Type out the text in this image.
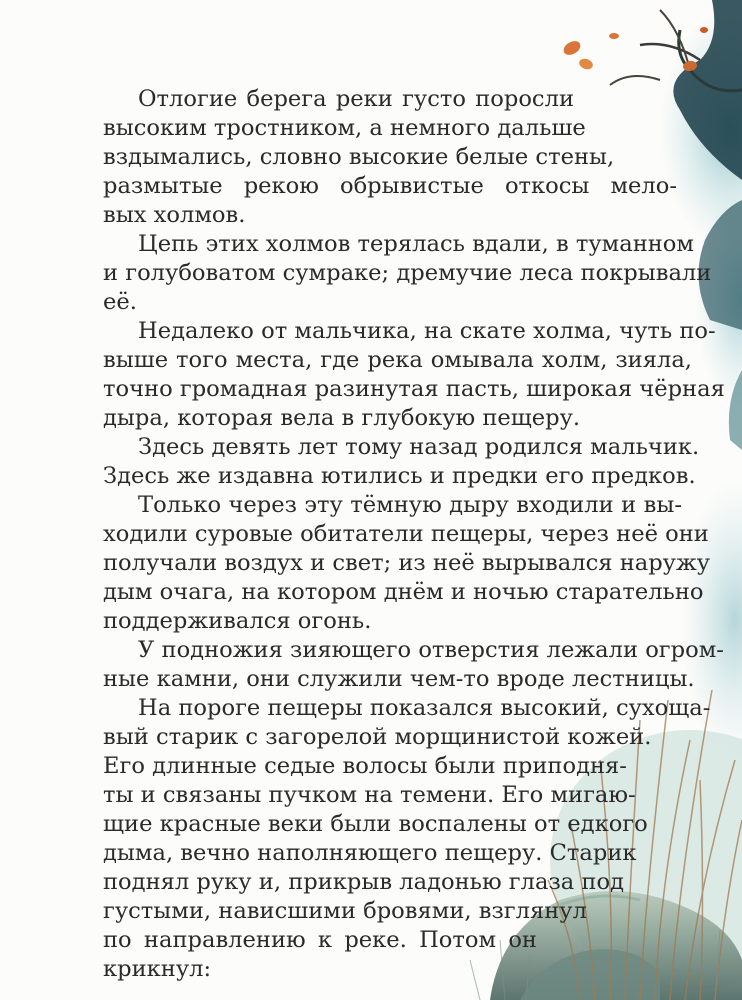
Отлогие берега реки густо поросли
высоким тростником, а немного дальше
вздымались, словно высокие белые стены,
размытые рекою обрывистые откосы мело-
вых холмов.
Цепь этих холмов терялась вдали, в туманном
и голубоватом сумраке; дремучие леса покрывали
её.
Недалеко от мальчика, на скате холма, чуть по-
выше того места, где река омывала холм, зияла,
точно громадная разинутая пасть, широкая чёрная
дыра, которая вела в глубокую пещеру.
Здесь девять лет тому назад родился мальчик.
Здесь же издавна ютились и предки его предков.
Только через эту тёмную дыру входили и вы-
ходили суровые обитатели пещеры, через неё они
получали воздух и свет; из неё вырывался наружу
дым очага, на котором днём и ночью старательно
поддерживался огонь.
У подножия зияющего отверстия лежали огром-
ные камни, они служили чем-то вроде лестницы.
На пороге пещеры показался высокий, сухоща-
вый старик с загорелой морщинистой кожей.
Его длинные седые волосы были приподня-
ты и связаны пучком на темени. Его мигаю-
щие красные веки были воспалены от едкого
дыма, вечно наполняющего пещеру. Старик
поднял руку и, прикрыв ладонью глаза под
густыми, нависшими бровями, взглянул
по направлению к реке. Потом он
крикнул:
